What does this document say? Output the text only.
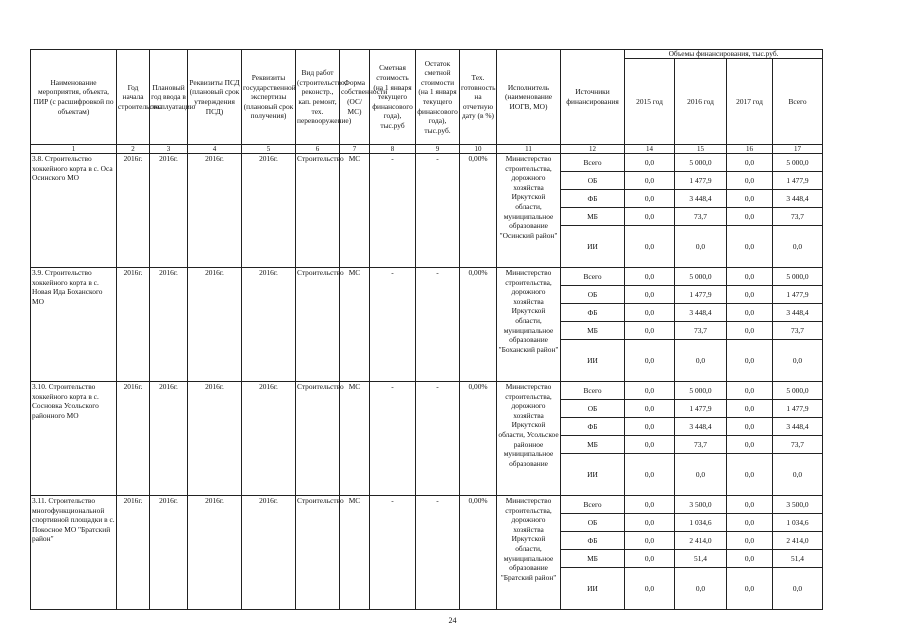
Наименование мероприятия, объекта, ПИР (с расшифровкой по объектам)	Год начала строительства	Плановый год ввода в эксплуатацию	Реквизиты ПСД (плановый срок утверждения ПСД)	Реквизиты государственной экспертизы (плановый срок получения)	Вид работ (строительство, реконстр., кап. ремонт, тех. перевооружение)	Форма собственности (ОС/МС)	Сметная стоимость (на 1 января текущего финансового года), тыс.руб	Остаток сметной стоимости (на 1 января текущего финансового года), тыс.руб.	Тех. готовность на отчетную дату (в %)	Исполнитель (наименование ИОГВ, МО)	Источники финансирования	Объемы финансирования, тыс.руб.			
												2015 год	2016 год	2017 год	Всего
1	2	3	4	5	6	7	8	9	10	11	12	14	15	16	17
3.8. Строительство хоккейного корта в с. Оса Осинского МО	2016г.	2016г.	2016г.	2016г.	Строительство	МС	-	-	0,00%	Министерство строительства, дорожного хозяйства Иркутской области, муниципальное образование "Осинский район"	Всего	0,0	5 000,0	0,0	5 000,0
											ОБ	0,0	1 477,9	0,0	1 477,9
											ФБ	0,0	3 448,4	0,0	3 448,4
											МБ	0,0	73,7	0,0	73,7
											ИИ	0,0	0,0	0,0	0,0
3.9. Строительство хоккейного корта в с. Новая Ида Боханского МО	2016г.	2016г.	2016г.	2016г.	Строительство	МС	-	-	0,00%	Министерство строительства, дорожного хозяйства Иркутской области, муниципальное образование "Боханский район"	Всего	0,0	5 000,0	0,0	5 000,0
											ОБ	0,0	1 477,9	0,0	1 477,9
											ФБ	0,0	3 448,4	0,0	3 448,4
											МБ	0,0	73,7	0,0	73,7
											ИИ	0,0	0,0	0,0	0,0
3.10. Строительство хоккейного корта в с. Сосновка Усольского районного МО	2016г.	2016г.	2016г.	2016г.	Строительство	МС	-	-	0,00%	Министерство строительства, дорожного хозяйства Иркутской области, Усольское районное муниципальное образование	Всего	0,0	5 000,0	0,0	5 000,0
											ОБ	0,0	1 477,9	0,0	1 477,9
											ФБ	0,0	3 448,4	0,0	3 448,4
											МБ	0,0	73,7	0,0	73,7
											ИИ	0,0	0,0	0,0	0,0
3.11. Строительство многофункциональной спортивной площадки в с. Покосное МО "Братский район"	2016г.	2016г.	2016г.	2016г.	Строительство	МС	-	-	0,00%	Министерство строительства, дорожного хозяйства Иркутской области, муниципальное образование "Братский район"	Всего	0,0	3 500,0	0,0	3 500,0
											ОБ	0,0	1 034,6	0,0	1 034,6
											ФБ	0,0	2 414,0	0,0	2 414,0
											МБ	0,0	51,4	0,0	51,4
											ИИ	0,0	0,0	0,0	0,0
24
